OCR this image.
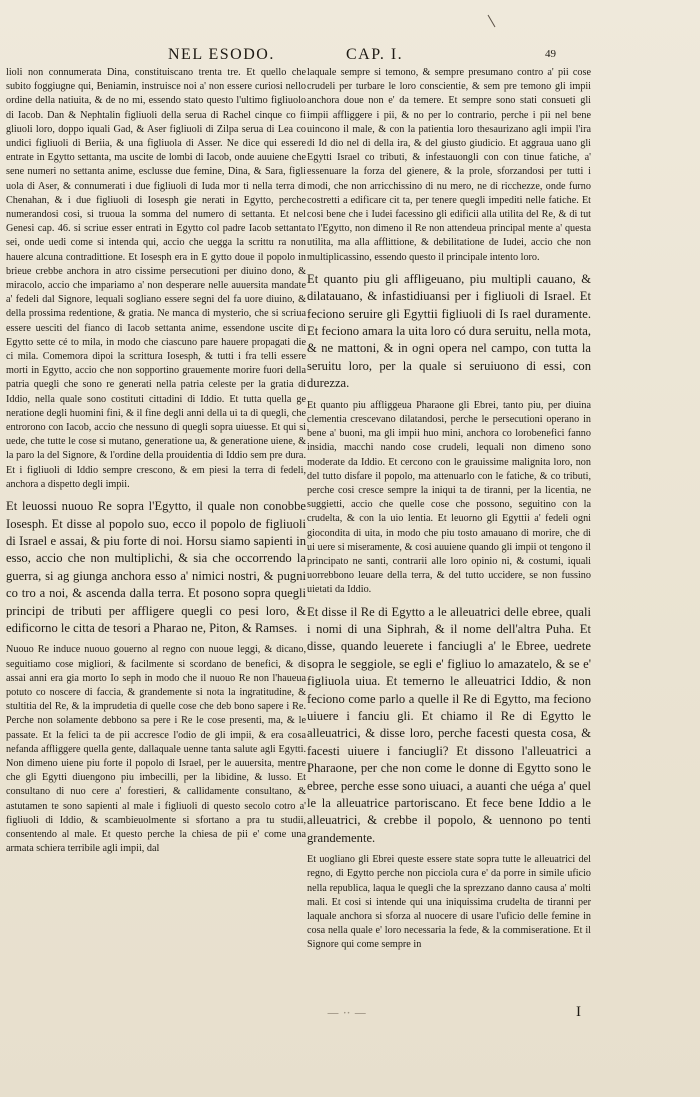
NEL ESODO.	CAP. I.	49

lioli non connumerata Dina, constituiscano trenta tre. Et quello che subito foggiugne qui, Beniamin, instruisce noi a' non essere curiosi nello ordine della natiuita, & de no mi, essendo stato questo l'ultimo figliuolo di Iacob. Dan & Nephtalin figliuoli della serua di Rachel cinque co fi gliuoli loro, doppo iquali Gad, & Aser figliuoli di Zilpa serua di Lea co undici figliuoli di Beriia, & una figliuola di Asser. Ne dice qui essere entrate in Egytto settanta, ma uscite de lombi di Iacob, onde auuiene che sene numeri no settanta anime, esclusse due femine, Dina, & Sara, figli uola di Aser, & connumerati i due figliuoli di Iuda mor ti nella terra di Chenahan, & i due figliuoli di Iosesph gie nerati in Egytto, perche numerandosi cosi, si truoua la somma del numero di settanta. Et nel Genesi cap. 46. si scriue esser entrati in Egytto col padre Iacob settanta sei, onde uedi come si intenda qui, accio che uegga la scrittu ra non hauere alcuna contradittione. Et Iosesph era in E gytto doue il popolo in brieue crebbe anchora in atro cissime persecutioni per diuino dono, & miracolo, accio che impariamo a' non desperare nelle auuersita mandate a' fedeli dal Signore, lequali sogliano essere segni del fa uore diuino, & della prossima redentione, & gratia. Ne manca di mysterio, che si scriua essere uesciti del fianco di Iacob settanta anime, essendone uscite di Egytto sette cé to mila, in modo che ciascuno pare hauere propagati die ci mila. Comemora dipoi la scrittura Iosesph, & tutti i fra telli essere morti in Egytto, accio che non sopportino grauemente morire fuori della patria quegli che sono re generati nella patria celeste per la gratia di Iddio, nella quale sono costituti cittadini di Iddio. Et tutta quella ge neratione degli huomini fini, & il fine degli anni della ui ta di quegli, che entrorono con Iacob, accio che nessuno di quegli sopra uiuesse. Et qui si uede, che tutte le cose si mutano, generatione ua, & generatione uiene, & la paro la del Signore, & l'ordine della prouidentia di Iddio sem pre dura. Et i figliuoli di Iddio sempre crescono, & em piesi la terra di fedeli, anchora a dispetto degli impii.

Et leuossi nuouo Re sopra l'Egytto, il quale non conobbe Iosesph. Et disse al popolo suo, ecco il popolo de figliuoli di Israel e assai, & piu forte di noi. Horsu siamo sapienti in esso, accio che non multiplichi, & sia che occorrendo la guerra, si ag giunga anchora esso a' nimici nostri, & pugni co tro a noi, & ascenda dalla terra. Et posono sopra quegli principi de tributi per affligere quegli co pesi loro, & edificorno le citta de tesori a Pharao ne, Piton, & Ramses.

Nuouo Re induce nuouo gouerno al regno con nuoue leggi, & dicano, seguitiamo cose migliori, & facilmente si scordano de benefici, & di assai anni era gia morto Io seph in modo che il nuouo Re non l'haueua potuto co noscere di faccia, & grandemente si nota la ingratitudine, & stultitia del Re, & la imprudetia di quelle cose che deb bono sapere i Re. Perche non solamente debbono sa pere i Re le cose presenti, ma, & le passate. Et la felici ta de pii accresce l'odio de gli impii, & era cosa nefanda affliggere quella gente, dallaquale uenne tanta salute agli Egytti. Non dimeno uiene piu forte il popolo di Israel, per le auuersita, mentre che gli Egytti diuengono piu imbecilli, per la libidine, & lusso. Et consultano di nuo cere a' forestieri, & callidamente consultano, & astutamen te sono sapienti al male i figliuoli di questo secolo cotro a' figliuoli di Iddio, & scambieuolmente si sfortano a pra tu studii, consentendo al male. Et questo perche la chiesa de pii e' come una armata schiera terribile agli impii, dal

laquale sempre si temono, & sempre presumano contro a' pii cose crudeli per turbare le loro conscientie, & sem pre temono gli impii anchora doue non e' da temere. Et sempre sono stati consueti gli impii affliggere i pii, & no per lo contrario, perche i pii nel bene uincono il male, & con la patientia loro thesaurizano agli impii l'ira di Id dio nel di della ira, & del giusto giudicio. Et aggraua uano gli Egytti Israel co tributi, & infestauongli con con tinue fatiche, a' essenuare la forza del gienere, & la prole, sforzandosi per tutti i modi, che non arricchissino di nu mero, ne di ricchezze, onde furno costretti a edificare cit ta, per tenere quegli impediti nelle fatiche. Et cosi bene che i Iudei facessino gli edificii alla utilita del Re, & di tut to l'Egytto, non dimeno il Re non attendeua principal mente a' questa utilita, ma alla afflittione, & debilitatione de Iudei, accio che non multiplicassino, essendo questo il principale intento loro.

Et quanto piu gli affligeuano, piu multipli cauano, & dilatauano, & infastidiuansi per i figliuoli di Israel. Et feciono seruire gli Egyttii figliuoli di Is rael duramente. Et feciono amara la uita loro có dura seruitu, nella mota, & ne mattoni, & in ogni opera nel campo, con tutta la seruitu loro, per la quale si seruiuono di essi, con durezza.

Et quanto piu affliggeua Pharaone gli Ebrei, tanto piu, per diuina clementia crescevano dilatandosi, perche le persecutioni operano in bene a' buoni, ma gli impii huo mini, anchora co lorobenefici fanno insidia, macchi nando cose crudeli, lequali non dimeno sono moderate da Iddio. Et cercono con le grauissime malignita loro, non del tutto disfare il popolo, ma attenuarlo con le fatiche, & co tributi, perche cosi cresce sempre la iniqui ta de tiranni, per la licentia, ne suggietti, accio che quelle cose che possono, seguitino con la crudelta, & con la uio lentia. Et leuorno gli Egyttii a' fedeli ogni giocondita di uita, in modo che piu tosto amauano di morire, che di ui uere si miseramente, & cosi auuiene quando gli impii ot tengono il principato ne santi, contrarii alle loro opinio ni, & costumi, iquali uorrebbono leuare della terra, & del tutto uccidere, se non fussino uietati da Iddio.

Et disse il Re di Egytto a le alleuatrici delle ebree, quali i nomi di una Siphrah, & il nome dell'altra Puha. Et disse, quando leuerete i fanciugli a' le Ebree, uedrete sopra le seggiole, se egli e' figliuo lo amazatelo, & se e' figliuola uiua. Et temerno le alleuatrici Iddio, & non feciono come parlo a quelle il Re di Egytto, ma feciono uiuere i fanciu gli. Et chiamo il Re di Egytto le alleuatrici, & disse loro, perche facesti questa cosa, & facesti uiuere i fanciugli? Et dissono l'alleuatrici a Pharaone, per che non come le donne di Egytto sono le ebree, perche esse sono uiuaci, a auanti che uéga a' quel le la alleuatrice partoriscano. Et fece bene Iddio a le alleuatrici, & crebbe il popolo, & uennono po tenti grandemente.

Et uogliano gli Ebrei queste essere state sopra tutte le alleuatrici del regno, di Egytto perche non picciola cura e' da porre in simile uficio nella republica, laqua le quegli che la sprezzano danno causa a' molti mali. Et cosi si intende qui una iniquissima crudelta de tiranni per laquale anchora si sforza al nuocere di usare l'uficio delle femine in cosa nella quale e' loro necessaria la fede, & la commiseratione. Et il Signore qui come sempre in

— ·· —	I
